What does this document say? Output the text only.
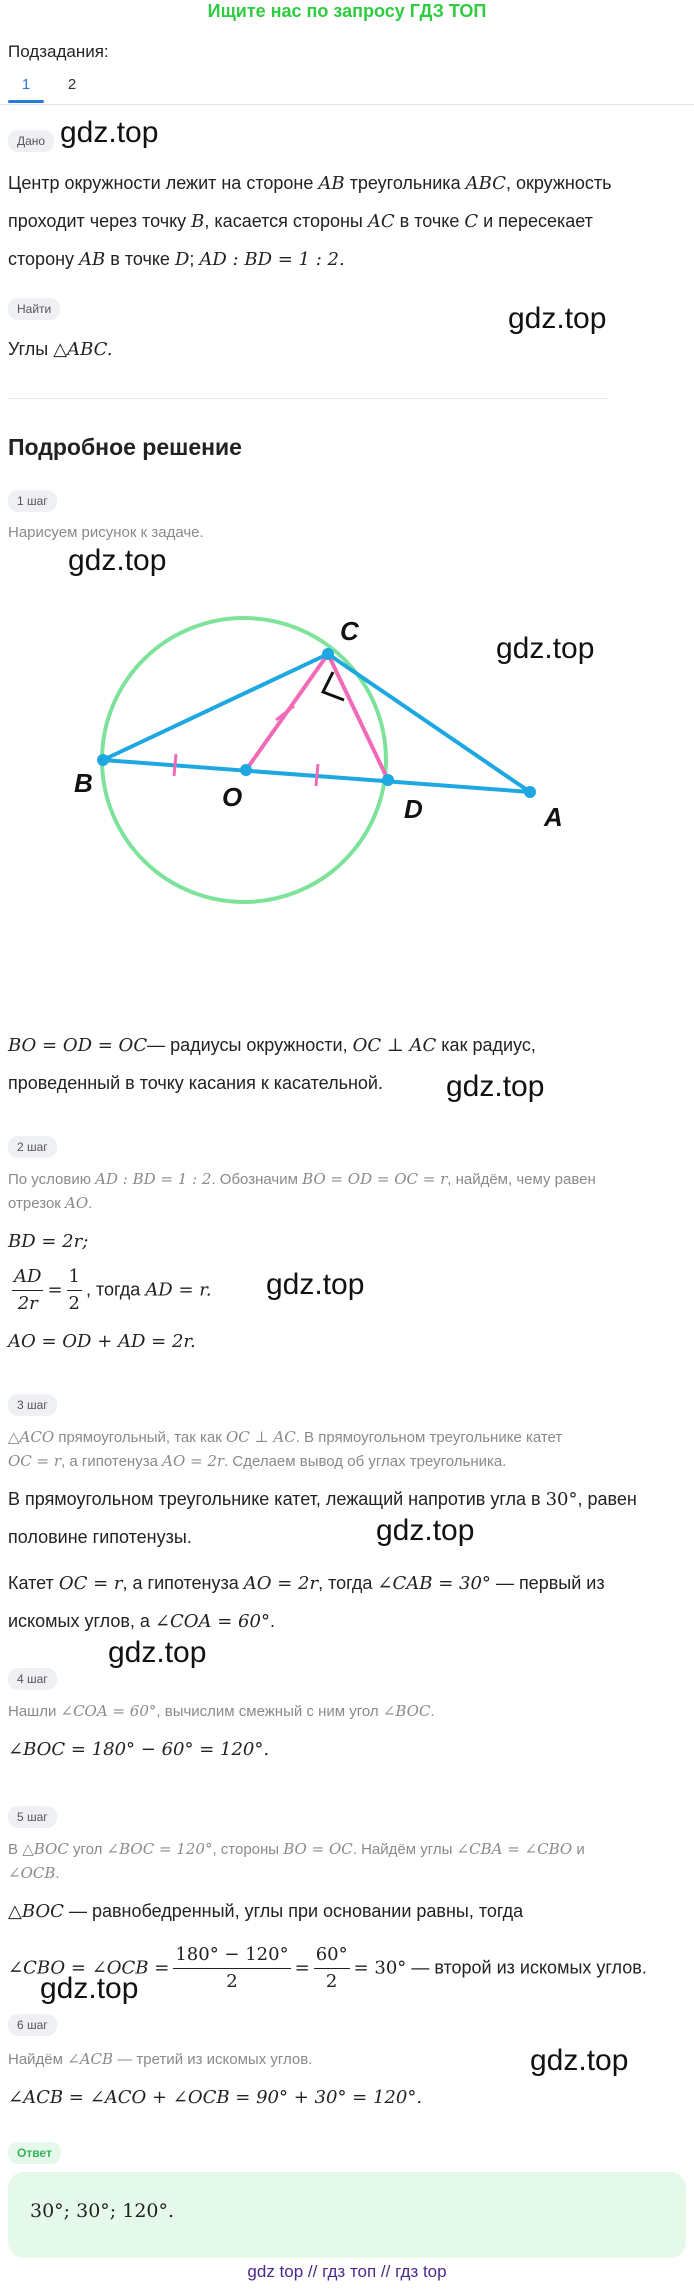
Ищите нас по запросу ГДЗ ТОП
Подзадания:
1	2
Дано gdz.top
Центр окружности лежит на стороне AB треугольника ABC, окружность
проходит через точку B, касается стороны AC в точке C и пересекает
сторону AB в точке D; AD : BD = 1 : 2.
Найти	gdz.top
Углы △ABC.
Подробное решение
1 шаг
Нарисуем рисунок к задаче.
gdz.top
gdz.top
B	O
C
D	A
BO = OD = OC— радиусы окружности, OC ⊥ AC как радиус,
проведенный в точку касания к касательной. gdz.top
2 шаг
По условию AD : BD = 1 : 2. Обозначим BO = OD = OC = r, найдём, чему равен
отрезок AO.
BD = 2r;
$\frac{AD}{2r} = \frac{1}{2}$ , тогда AD = r. gdz.top
AO = OD + AD = 2r.
3 шаг
△ACO прямоугольный, так как OC ⊥ AC. В прямоугольном треугольнике катет
OC = r, а гипотенуза AO = 2r. Сделаем вывод об углах треугольника.
В прямоугольном треугольнике катет, лежащий напротив угла в 30°, равен
половине гипотенузы.	gdz.top
Катет OC = r, а гипотенуза AO = 2r, тогда ∠CAB = 30° — первый из
искомых углов, а ∠COA = 60°.
gdz.top
4 шаг
Нашли ∠COA = 60°, вычислим смежный с ним угол ∠BOC.
∠BOC = 180° − 60° = 120°.
5 шаг
В △BOC угол ∠BOC = 120°, стороны BO = OC. Найдём углы ∠CBA = ∠CBO и
∠OCB.
△BOC — равнобедренный, углы при основании равны, тогда
∠CBO = ∠OCB = $\frac{180^\circ - 120^\circ}{2} = \frac{60^\circ}{2} = 30^\circ$ — второй из искомых углов.
gdz.top
6 шаг
Найдём ∠ACB — третий из искомых углов.	gdz.top
∠ACB = ∠ACO + ∠OCB = 90° + 30° = 120°.
Ответ
30°; 30°; 120°.
gdz top // гдз топ // гдз top
